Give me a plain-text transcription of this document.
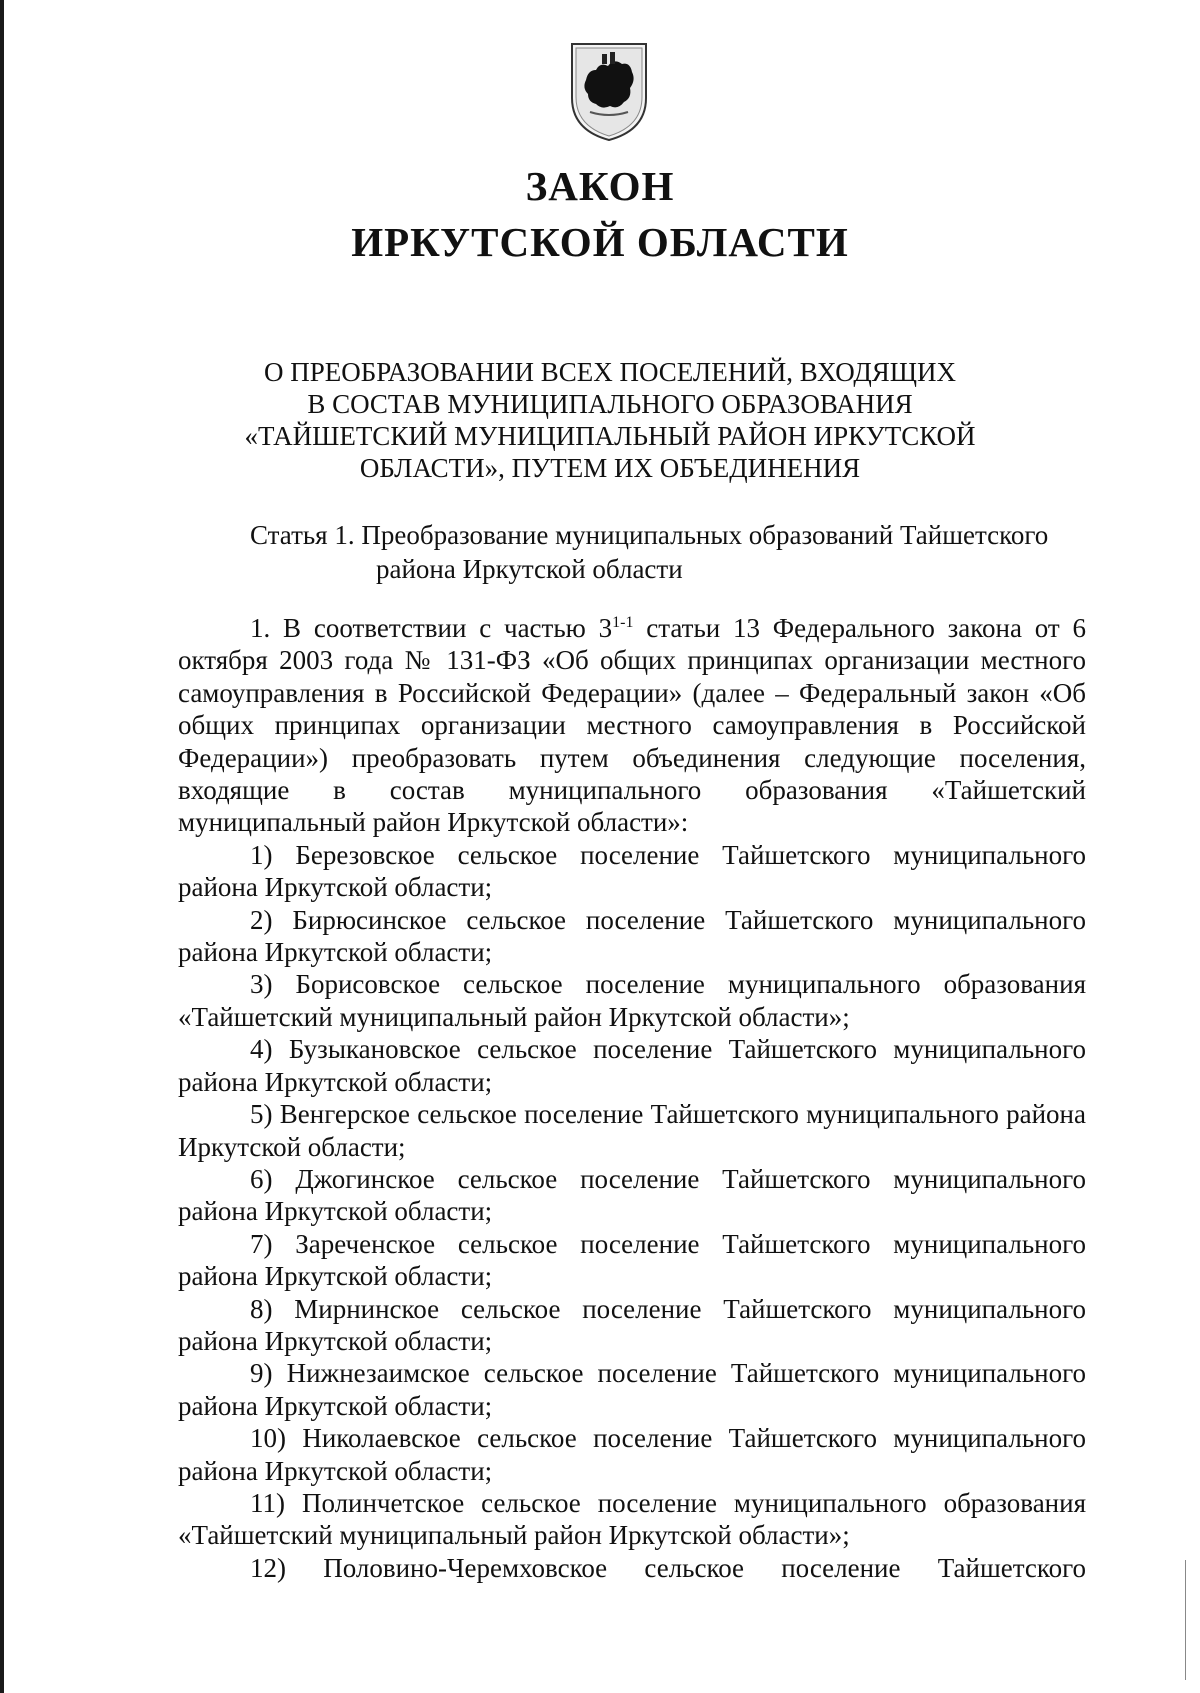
ЗАКОН
ИРКУТСКОЙ ОБЛАСТИ
О ПРЕОБРАЗОВАНИИ ВСЕХ ПОСЕЛЕНИЙ, ВХОДЯЩИХ
В СОСТАВ МУНИЦИПАЛЬНОГО ОБРАЗОВАНИЯ
«ТАЙШЕТСКИЙ МУНИЦИПАЛЬНЫЙ РАЙОН ИРКУТСКОЙ
ОБЛАСТИ», ПУТЕМ ИХ ОБЪЕДИНЕНИЯ
Статья 1. Преобразование муниципальных образований Тайшетского
района Иркутской области

1. В соответствии с частью 3$^{1-1}$ статьи 13 Федерального закона от 6 октября 2003 года № 131-ФЗ «Об общих принципах организации местного самоуправления в Российской Федерации» (далее – Федеральный закон «Об общих принципах организации местного самоуправления в Российской Федерации») преобразовать путем объединения следующие поселения, входящие в состав муниципального образования «Тайшетский муниципальный район Иркутской области»:

1) Березовское сельское поселение Тайшетского муниципального района Иркутской области;

2) Бирюсинское сельское поселение Тайшетского муниципального района Иркутской области;

3) Борисовское сельское поселение муниципального образования «Тайшетский муниципальный район Иркутской области»;

4) Бузыкановское сельское поселение Тайшетского муниципального района Иркутской области;

5) Венгерское сельское поселение Тайшетского муниципального района Иркутской области;

6) Джогинское сельское поселение Тайшетского муниципального района Иркутской области;

7) Зареченское сельское поселение Тайшетского муниципального района Иркутской области;

8) Мирнинское сельское поселение Тайшетского муниципального района Иркутской области;

9) Нижнезаимское сельское поселение Тайшетского муниципального района Иркутской области;

10) Николаевское сельское поселение Тайшетского муниципального района Иркутской области;

11) Полинчетское сельское поселение муниципального образования «Тайшетский муниципальный район Иркутской области»;

12) Половино-Черемховское сельское поселение Тайшетского
